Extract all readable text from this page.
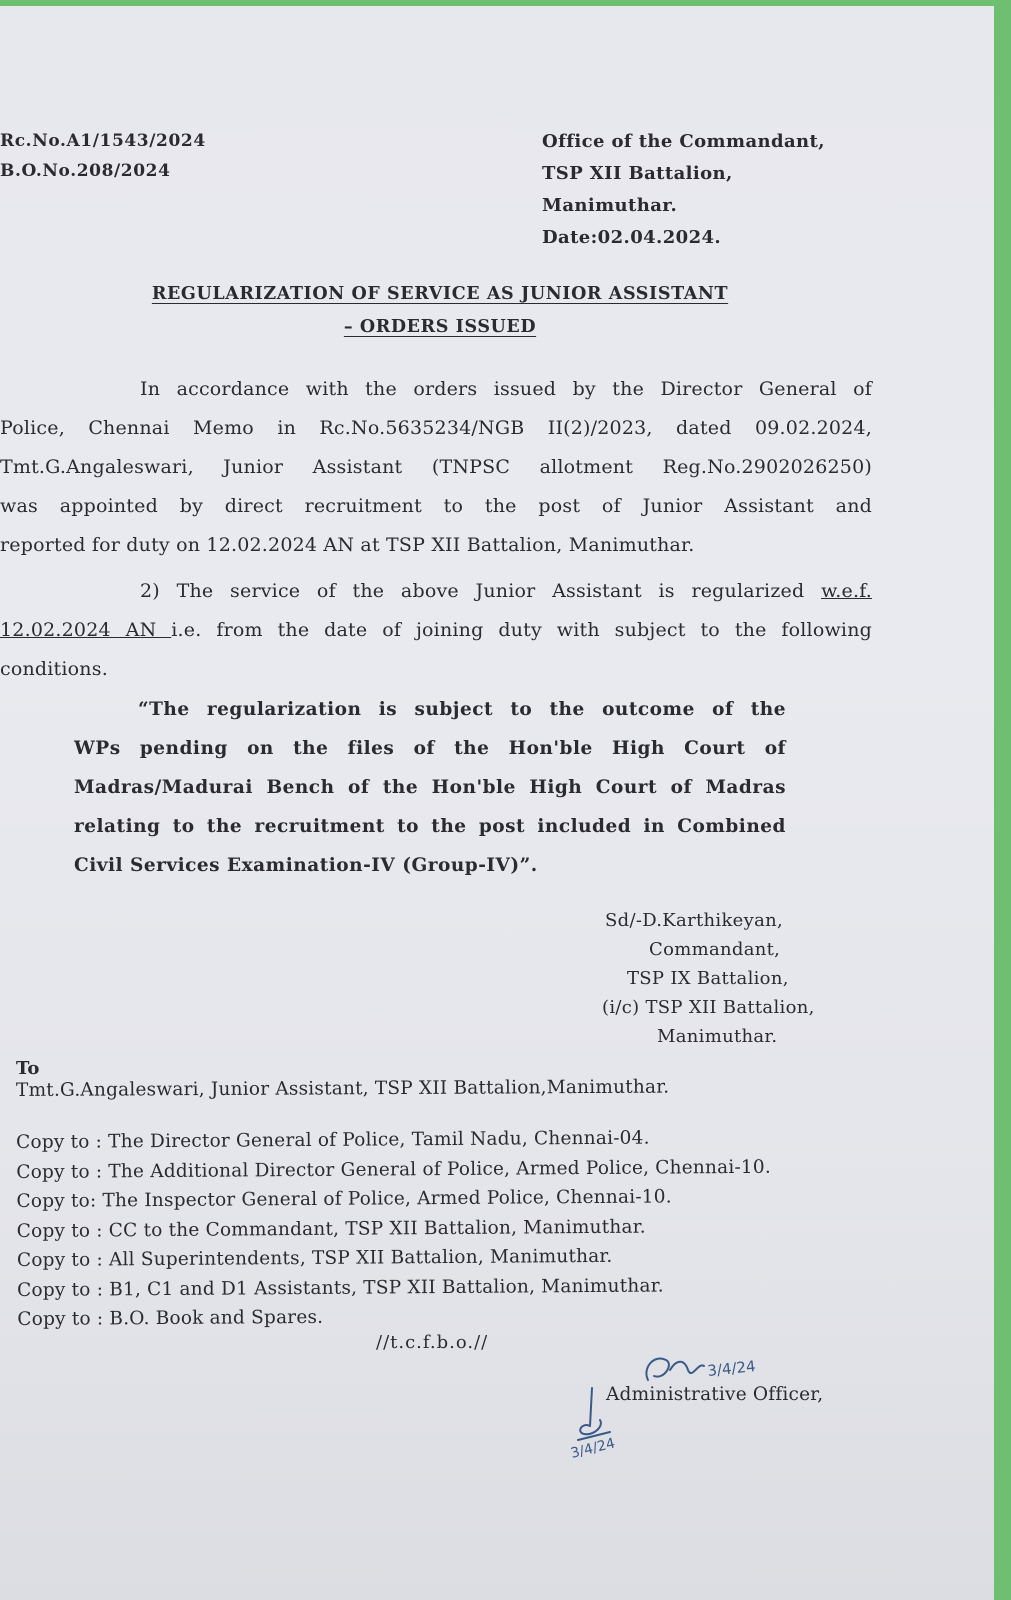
Rc.No.A1/1543/2024
B.O.No.208/2024
Office of the Commandant,
TSP XII Battalion,
Manimuthar.
Date:02.04.2024.
REGULARIZATION OF SERVICE AS JUNIOR ASSISTANT
– ORDERS ISSUED

In accordance with the orders issued by the Director General of

Police, Chennai Memo in Rc.No.5635234/NGB II(2)/2023, dated 09.02.2024,

Tmt.G.Angaleswari, Junior Assistant (TNPSC allotment Reg.No.2902026250)

was appointed by direct recruitment to the post of Junior Assistant and

reported for duty on 12.02.2024 AN at TSP XII Battalion, Manimuthar.

2) The service of the above Junior Assistant is regularized w.e.f.

12.02.2024 AN i.e. from the date of joining duty with subject to the following

conditions.

“The regularization is subject to the outcome of the

WPs pending on the files of the Hon'ble High Court of

Madras/Madurai Bench of the Hon'ble High Court of Madras

relating to the recruitment to the post included in Combined

Civil Services Examination-IV (Group-IV)”.

Sd/-D.Karthikeyan,
Commandant,
TSP IX Battalion,
(i/c) TSP XII Battalion,
Manimuthar.
To
Tmt.G.Angaleswari, Junior Assistant, TSP XII Battalion,Manimuthar.
Copy to : The Director General of Police, Tamil Nadu, Chennai-04.
Copy to : The Additional Director General of Police, Armed Police, Chennai-10.
Copy to: The Inspector General of Police, Armed Police, Chennai-10.
Copy to : CC to the Commandant, TSP XII Battalion, Manimuthar.
Copy to : All Superintendents, TSP XII Battalion, Manimuthar.
Copy to : B1, C1 and D1 Assistants, TSP XII Battalion, Manimuthar.
Copy to : B.O. Book and Spares.
//t.c.f.b.o.//
3/4/24
Administrative Officer,
3/4/24
